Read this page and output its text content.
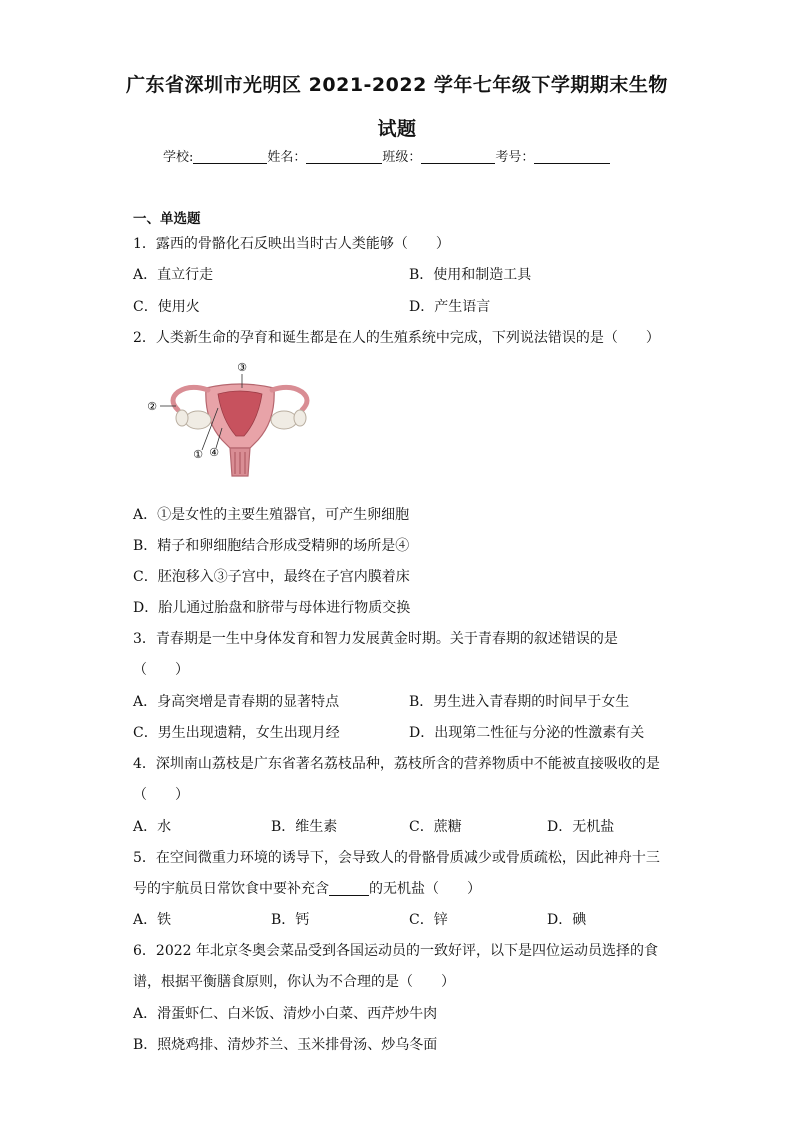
广东省深圳市光明区 2021-2022 学年七年级下学期期末生物
试题
学校:	姓名：	班级：	考号：
一、单选题
1．露西的骨骼化石反映出当时古人类能够（　　）
A．直立行走	B．使用和制造工具
C．使用火	D．产生语言
2．人类新生命的孕育和诞生都是在人的生殖系统中完成，下列说法错误的是（　　）
③
②
① ④
A．①是女性的主要生殖器官，可产生卵细胞
B．精子和卵细胞结合形成受精卵的场所是④
C．胚泡移入③子宫中，最终在子宫内膜着床
D．胎儿通过胎盘和脐带与母体进行物质交换
3．青春期是一生中身体发育和智力发展黄金时期。关于青春期的叙述错误的是
（　　）
A．身高突增是青春期的显著特点	B．男生进入青春期的时间早于女生
C．男生出现遗精，女生出现月经	D．出现第二性征与分泌的性激素有关
4．深圳南山荔枝是广东省著名荔枝品种，荔枝所含的营养物质中不能被直接吸收的是
（　　）
A．水	B．维生素	C．蔗糖	D．无机盐
5．在空间微重力环境的诱导下，会导致人的骨骼骨质减少或骨质疏松，因此神舟十三
号的宇航员日常饮食中要补充含	的无机盐（　　）
A．铁	B．钙	C．锌	D．碘
6．2022 年北京冬奥会菜品受到各国运动员的一致好评，以下是四位运动员选择的食
谱，根据平衡膳食原则，你认为不合理的是（　　）
A．滑蛋虾仁、白米饭、清炒小白菜、西芹炒牛肉
B．照烧鸡排、清炒芥兰、玉米排骨汤、炒乌冬面
